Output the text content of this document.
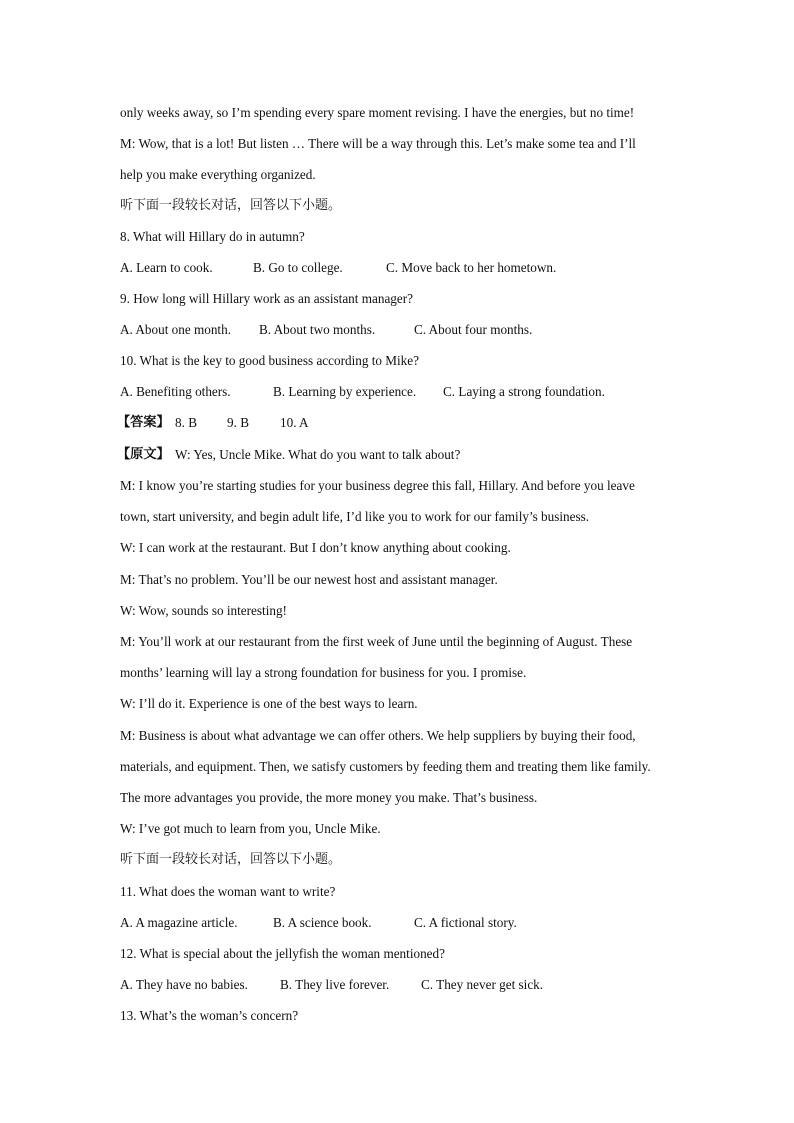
only weeks away, so I’m spending every spare moment revising. I have the energies, but no time!
M: Wow, that is a lot! But listen … There will be a way through this. Let’s make some tea and I’ll
help you make everything organized.
听下面一段较长对话，回答以下小题。
8. What will Hillary do in autumn?
A. Learn to cook.	B. Go to college.	C. Move back to her hometown.
9. How long will Hillary work as an assistant manager?
A. About one month. B. About two months.	C. About four months.
10. What is the key to good business according to Mike?
A. Benefiting others.	B. Learning by experience. C. Laying a strong foundation.
【答案】 8. B 9. B 10. A
【原文】 W: Yes, Uncle Mike. What do you want to talk about?
M: I know you’re starting studies for your business degree this fall, Hillary. And before you leave
town, start university, and begin adult life, I’d like you to work for our family’s business.
W: I can work at the restaurant. But I don’t know anything about cooking.
M: That’s no problem. You’ll be our newest host and assistant manager.
W: Wow, sounds so interesting!
M: You’ll work at our restaurant from the first week of June until the beginning of August. These
months’ learning will lay a strong foundation for business for you. I promise.
W: I’ll do it. Experience is one of the best ways to learn.
M: Business is about what advantage we can offer others. We help suppliers by buying their food,
materials, and equipment. Then, we satisfy customers by feeding them and treating them like family.
The more advantages you provide, the more money you make. That’s business.
W: I’ve got much to learn from you, Uncle Mike.
听下面一段较长对话，回答以下小题。
11. What does the woman want to write?
A. A magazine article.	B. A science book.	C. A fictional story.
12. What is special about the jellyfish the woman mentioned?
A. They have no babies. B. They live forever. C. They never get sick.
13. What’s the woman’s concern?
